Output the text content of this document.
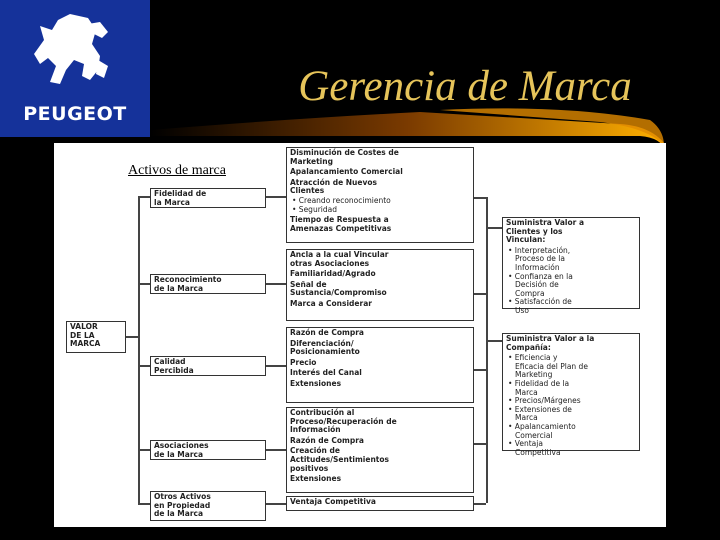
PEUGEOT
Gerencia de Marca
Activos de marca
VALOR
DE LA
MARCA
Fidelidad de
la Marca
Reconocimiento
de la Marca
Calidad
Percibida
Asociaciones
de la Marca
Otros Activos
en Propiedad
de la Marca
Disminución de Costes de
Marketing
Apalancamiento Comercial
Atracción de Nuevos
Clientes
• Creando reconocimiento
• Seguridad
Tiempo de Respuesta a
Amenazas Competitivas
Ancla a la cual Vincular
otras Asociaciones
Familiaridad/Agrado
Señal de
Sustancia/Compromiso
Marca a Considerar
Razón de Compra
Diferenciación/
Posicionamiento
Precio
Interés del Canal
Extensiones
Contribución al
Proceso/Recuperación de
Información
Razón de Compra
Creación de
Actitudes/Sentimientos
positivos
Extensiones
Ventaja Competitiva
Suministra Valor a
Clientes y los
Vinculan:
• Interpretación,
Proceso de la
Información
• Confianza en la
Decisión de
Compra
• Satisfacción de
Uso
Suministra Valor a la
Compañía:
• Eficiencia y
Eficacia del Plan de
Marketing
• Fidelidad de la
Marca
• Precios/Márgenes
• Extensiones de
Marca
• Apalancamiento
Comercial
• Ventaja
Competitiva
